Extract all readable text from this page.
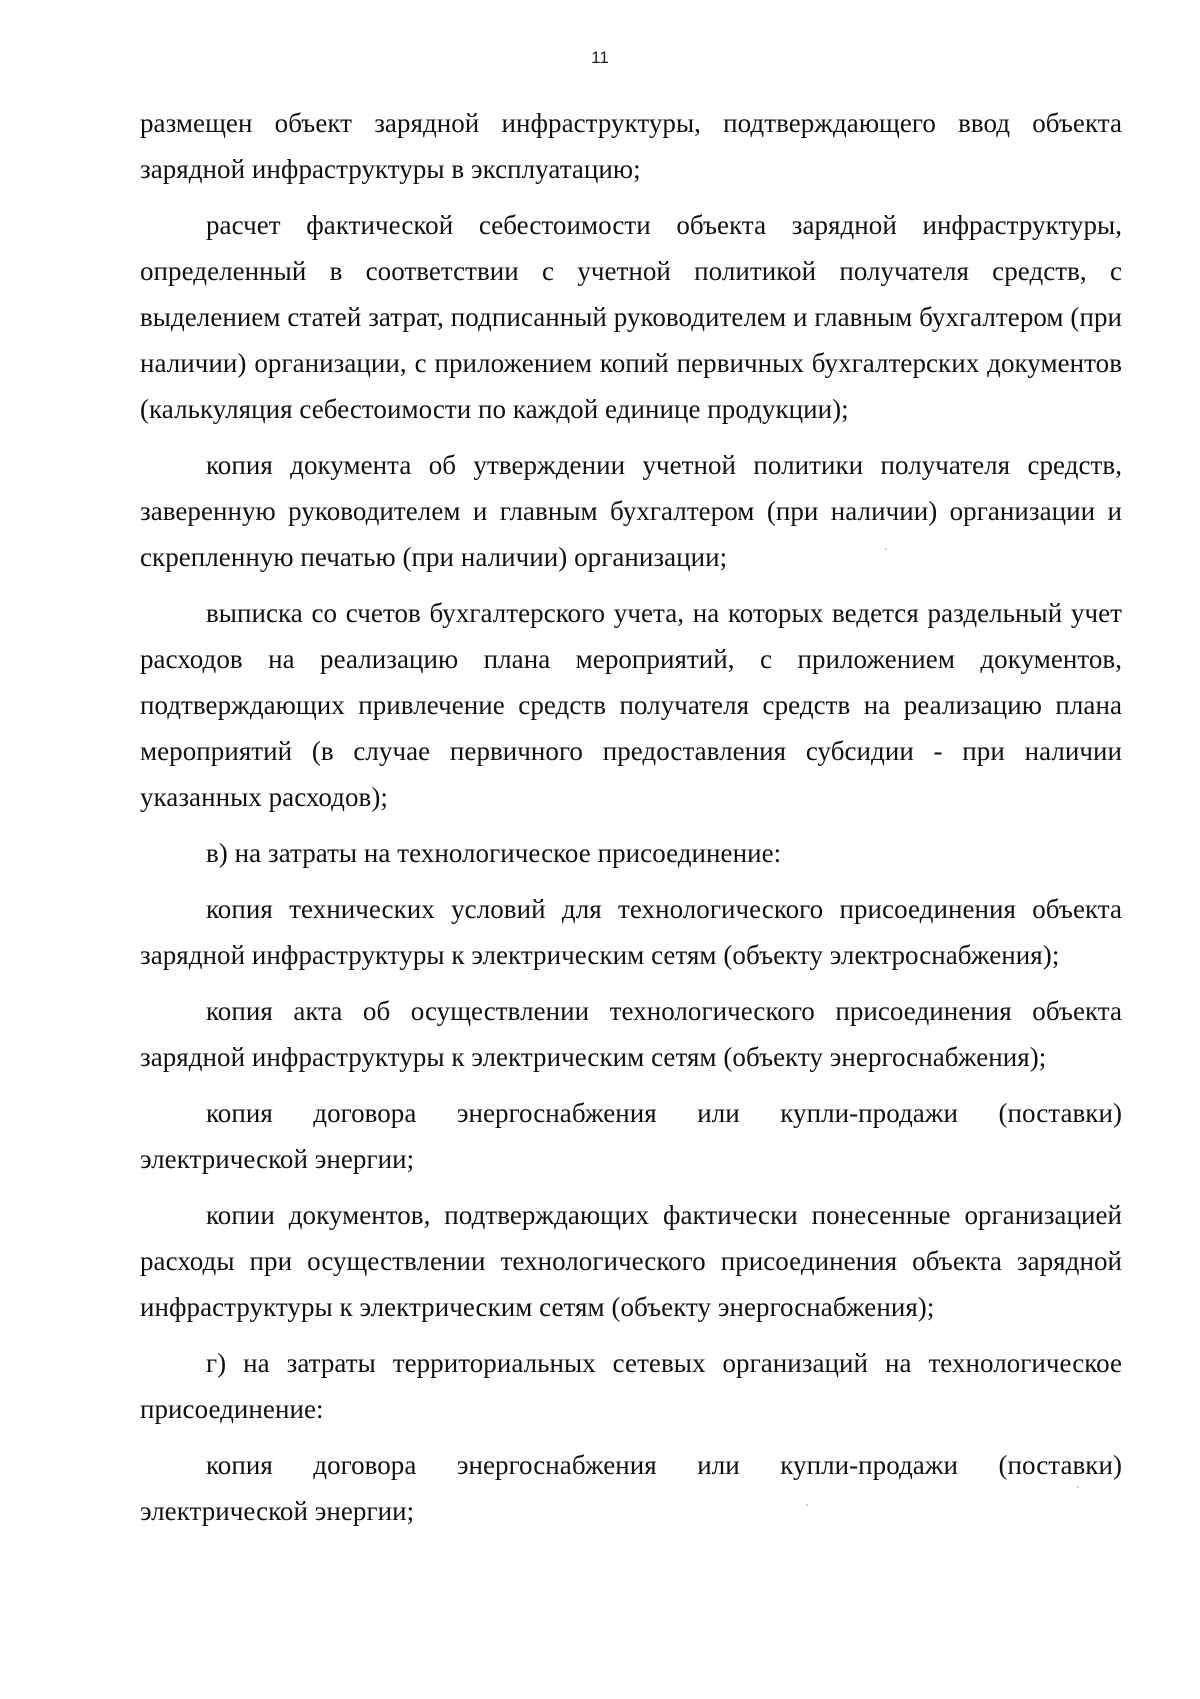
11

размещен объект зарядной инфраструктуры, подтверждающего ввод объекта зарядной инфраструктуры в эксплуатацию;

расчет фактической себестоимости объекта зарядной инфраструктуры, определенный в соответствии с учетной политикой получателя средств, с выделением статей затрат, подписанный руководителем и главным бухгалтером (при наличии) организации, с приложением копий первичных бухгалтерских документов (калькуляция себестоимости по каждой единице продукции);

копия документа об утверждении учетной политики получателя средств, заверенную руководителем и главным бухгалтером (при наличии) организации и скрепленную печатью (при наличии) организации;

выписка со счетов бухгалтерского учета, на которых ведется раздельный учет расходов на реализацию плана мероприятий, с приложением документов, подтверждающих привлечение средств получателя средств на реализацию плана мероприятий (в случае первичного предоставления субсидии - при наличии указанных расходов);

в) на затраты на технологическое присоединение:

копия технических условий для технологического присоединения объекта зарядной инфраструктуры к электрическим сетям (объекту электроснабжения);

копия акта об осуществлении технологического присоединения объекта зарядной инфраструктуры к электрическим сетям (объекту энергоснабжения);

копия договора энергоснабжения или купли-продажи (поставки) электрической энергии;

копии документов, подтверждающих фактически понесенные организацией расходы при осуществлении технологического присоединения объекта зарядной инфраструктуры к электрическим сетям (объекту энергоснабжения);

г) на затраты территориальных сетевых организаций на технологическое присоединение:

копия договора энергоснабжения или купли-продажи (поставки) электрической энергии;
